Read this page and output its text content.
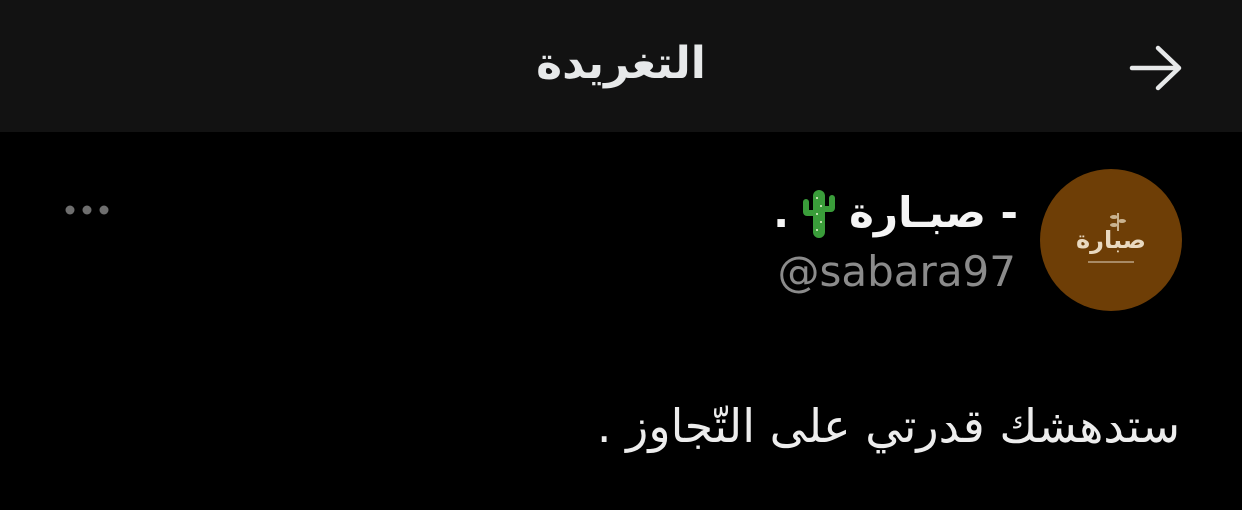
التغريدة
صبارة
- صبـارة
.
@sabara97
ستدهشك قدرتي على التّجاوز .
